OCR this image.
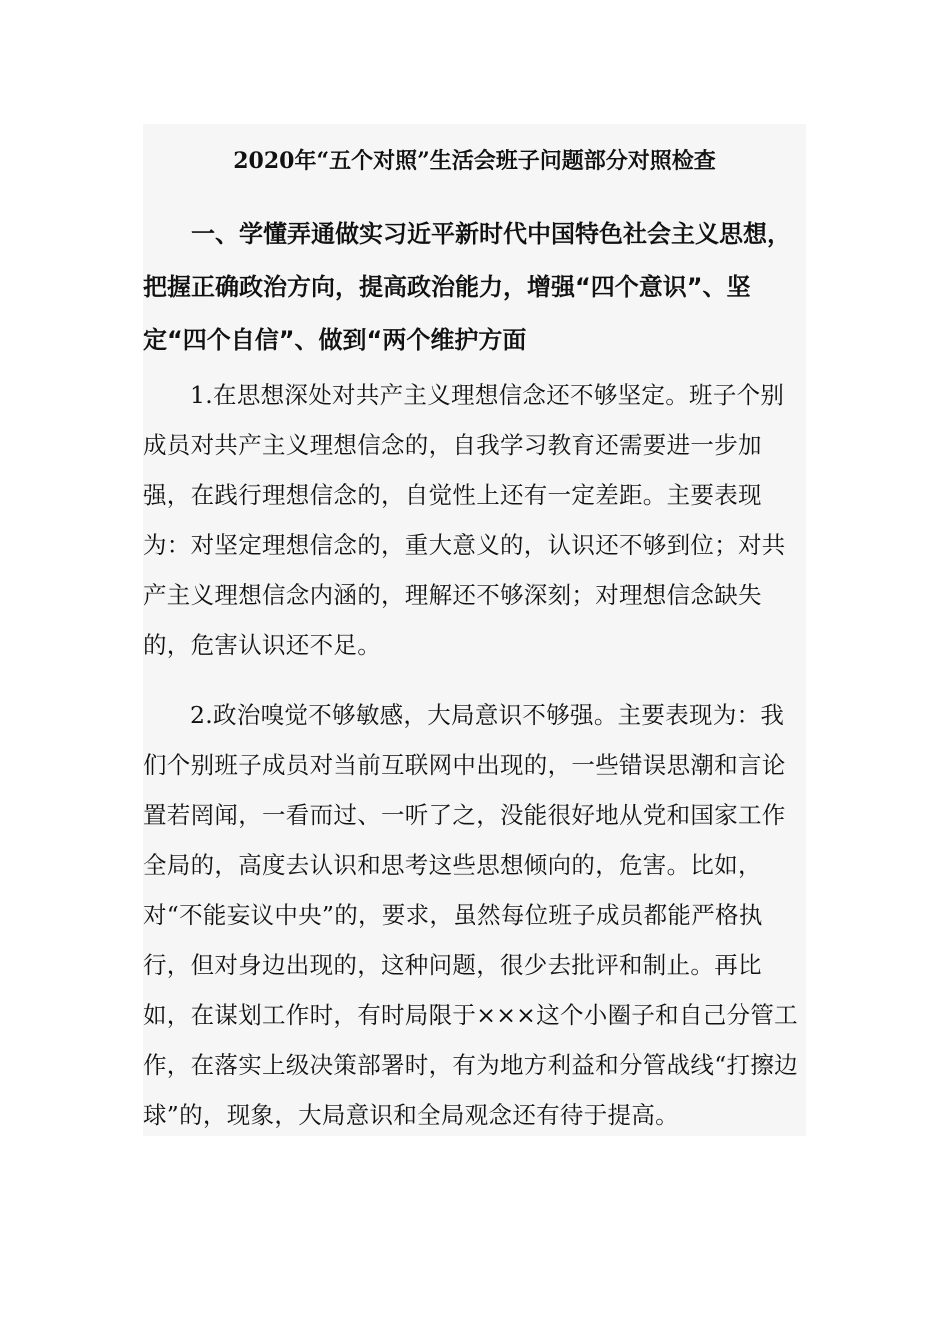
2020年“五个对照”生活会班子问题部分对照检查

一、学懂弄通做实习近平新时代中国特色社会主义思想，把握正确政治方向，提高政治能力，增强“四个意识”、坚定“四个自信”、做到“两个维护方面

1.在思想深处对共产主义理想信念还不够坚定。班子个别成员对共产主义理想信念的，自我学习教育还需要进一步加强，在践行理想信念的，自觉性上还有一定差距。主要表现为：对坚定理想信念的，重大意义的，认识还不够到位；对共产主义理想信念内涵的，理解还不够深刻；对理想信念缺失的，危害认识还不足。

2.政治嗅觉不够敏感，大局意识不够强。主要表现为：我们个别班子成员对当前互联网中出现的，一些错误思潮和言论置若罔闻，一看而过、一听了之，没能很好地从党和国家工作全局的，高度去认识和思考这些思想倾向的，危害。比如，对“不能妄议中央”的，要求，虽然每位班子成员都能严格执行，但对身边出现的，这种问题，很少去批评和制止。再比如，在谋划工作时，有时局限于×××这个小圈子和自己分管工作，在落实上级决策部署时，有为地方利益和分管战线“打擦边球”的，现象，大局意识和全局观念还有待于提高。
